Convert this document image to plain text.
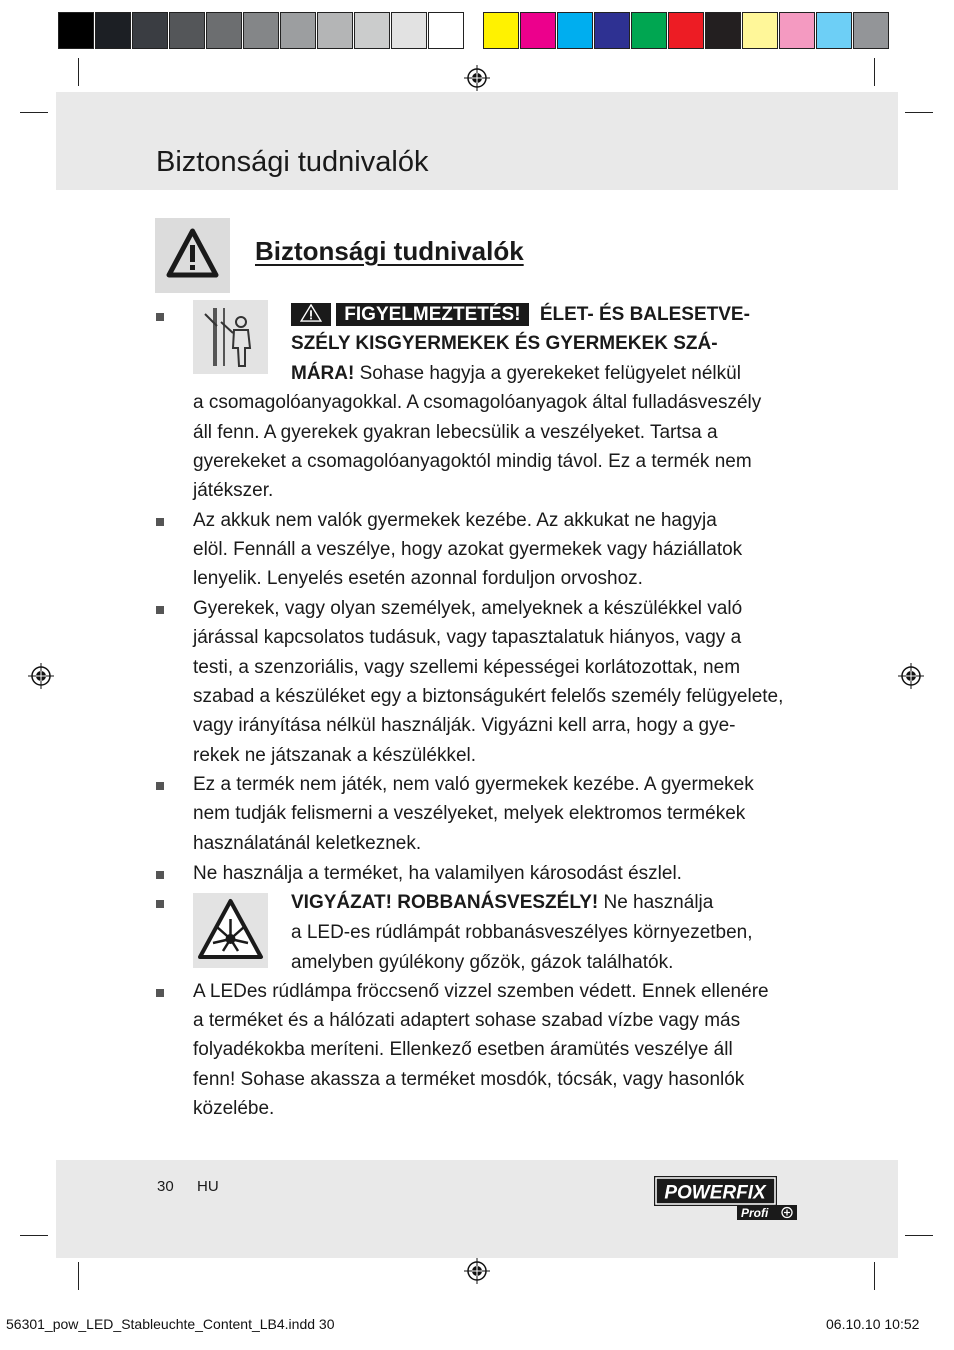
Biztonsági tudnivalók
Biztonsági tudnivalók
FIGYELMEZTETÉS! ÉLET- ÉS BALESETVE-
SZÉLY KISGYERMEKEK ÉS GYERMEKEK SZÁ-
MÁRA! Sohase hagyja a gyerekeket felügyelet nélkül
a csomagolóanyagokkal. A csomagolóanyagok által fulladásveszély
áll fenn. A gyerekek gyakran lebecsülik a veszélyeket. Tartsa a
gyerekeket a csomagolóanyagoktól mindig távol. Ez a termék nem
játékszer.
Az akkuk nem valók gyermekek kezébe. Az akkukat ne hagyja
elöl. Fennáll a veszélye, hogy azokat gyermekek vagy háziállatok
lenyelik. Lenyelés esetén azonnal forduljon orvoshoz.
Gyerekek, vagy olyan személyek, amelyeknek a készülékkel való
járással kapcsolatos tudásuk, vagy tapasztalatuk hiányos, vagy a
testi, a szenzoriális, vagy szellemi képességei korlátozottak, nem
szabad a készüléket egy a biztonságukért felelős személy felügyelete,
vagy irányítása nélkül használják. Vigyázni kell arra, hogy a gye-
rekek ne játszanak a készülékkel.
Ez a termék nem játék, nem való gyermekek kezébe. A gyermekek
nem tudják felismerni a veszélyeket, melyek elektromos termékek
használatánál keletkeznek.
Ne használja a terméket, ha valamilyen károsodást észlel.
VIGYÁZAT! ROBBANÁSVESZÉLY! Ne használja
a LED-es rúdlámpát robbanásveszélyes környezetben,
amelyben gyúlékony gőzök, gázok találhatók.
A LEDes rúdlámpa fröccsenő vizzel szemben védett. Ennek ellenére
a terméket és a hálózati adaptert sohase szabad vízbe vagy más
folyadékokba meríteni. Ellenkező esetben áramütés veszélye áll
fenn! Sohase akassza a terméket mosdók, tócsák, vagy hasonlók
közelébe.
30 HU	POWERFIX
Profi
56301_pow_LED_Stableuchte_Content_LB4.indd 30	06.10.10 10:52
